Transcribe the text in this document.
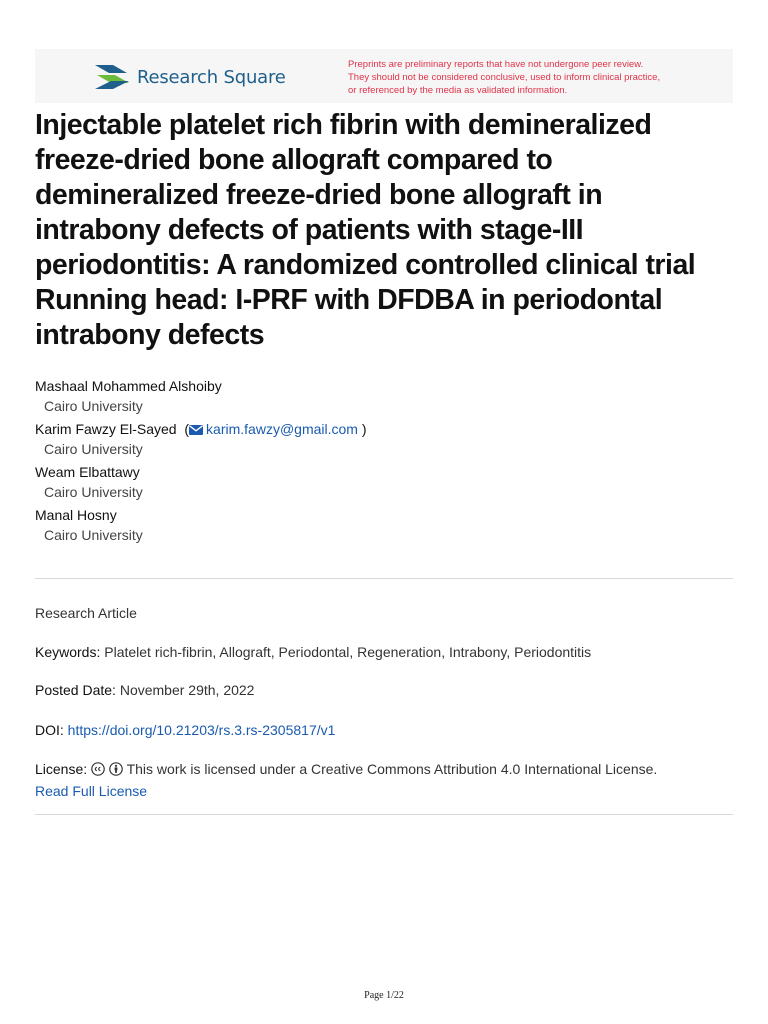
Research Square
Preprints are preliminary reports that have not undergone peer review.
They should not be considered conclusive, used to inform clinical practice,
or referenced by the media as validated information.
Injectable platelet rich fibrin with demineralized
freeze-dried bone allograft compared to
demineralized freeze-dried bone allograft in
intrabony defects of patients with stage-III
periodontitis: A randomized controlled clinical trial
Running head: I-PRF with DFDBA in periodontal
intrabony defects
Mashaal Mohammed Alshoiby
Cairo University
Karim Fawzy El-Sayed  ( karim.fawzy@gmail.com )
Cairo University
Weam Elbattawy
Cairo University
Manal Hosny
Cairo University
Research Article
Keywords: Platelet rich-fibrin, Allograft, Periodontal, Regeneration, Intrabony, Periodontitis
Posted Date: November 29th, 2022
DOI: https://doi.org/10.21203/rs.3.rs-2305817/v1
License:	This work is licensed under a Creative Commons Attribution 4.0 International License.
Read Full License
Page 1/22
